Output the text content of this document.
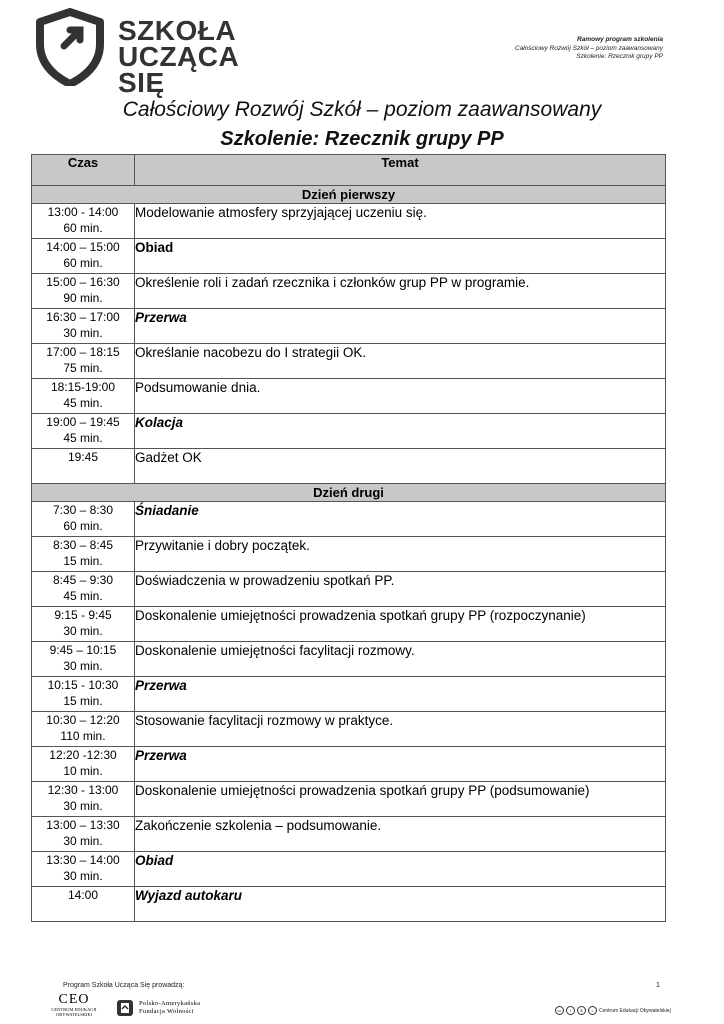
SZKOŁA
UCZĄCA SIĘ
Ramowy program szkolenia
Całościowy Rozwój Szkół – poziom zaawansowany
Szkolenie: Rzecznik grupy PP
Całościowy Rozwój Szkół – poziom zaawansowany
Szkolenie: Rzecznik grupy PP
Czas	Temat
Dzień pierwszy	

13:00 - 14:00
60 min.	Modelowanie atmosfery sprzyjającej uczeniu się.

14:00 – 15:00
60 min.	Obiad

15:00 – 16:30
90 min.	Określenie roli i zadań rzecznika i członków grup PP w programie.

16:30 – 17:00
30 min.	Przerwa

17:00 – 18:15
75 min.	Określanie nacobezu do I strategii OK.

18:15-19:00
45 min.	Podsumowanie dnia.

19:00 – 19:45
45 min.	Kolacja

19:45	Gadżet OK
Dzień drugi	

7:30 – 8:30
60 min.	Śniadanie

8:30 – 8:45
15 min.	Przywitanie i dobry początek.

8:45 – 9:30
45 min.	Doświadczenia w prowadzeniu spotkań PP.

9:15 - 9:45
30 min.	Doskonalenie umiejętności prowadzenia spotkań grupy PP (rozpoczynanie)

9:45 – 10:15
30 min.	Doskonalenie umiejętności facylitacji rozmowy.

10:15 - 10:30
15 min.	Przerwa

10:30 – 12:20
110 min.	Stosowanie facylitacji rozmowy w praktyce.

12:20 -12:30
10 min.	Przerwa

12:30 - 13:00
30 min.	Doskonalenie umiejętności prowadzenia spotkań grupy PP (podsumowanie)

13:00 – 13:30
30 min.	Zakończenie szkolenia – podsumowanie.

13:30 – 14:00
30 min.	Obiad

14:00	Wyjazd autokaru
Program Szkoła Ucząca Się prowadzą:	1
CEO
CENTRUM EDUKACJI
OBYWATELSKIEJ
Polsko-Amerykańska
Fundacja Wolności	cc	i	$	=	Centrum Edukacji Obywatelskiej
